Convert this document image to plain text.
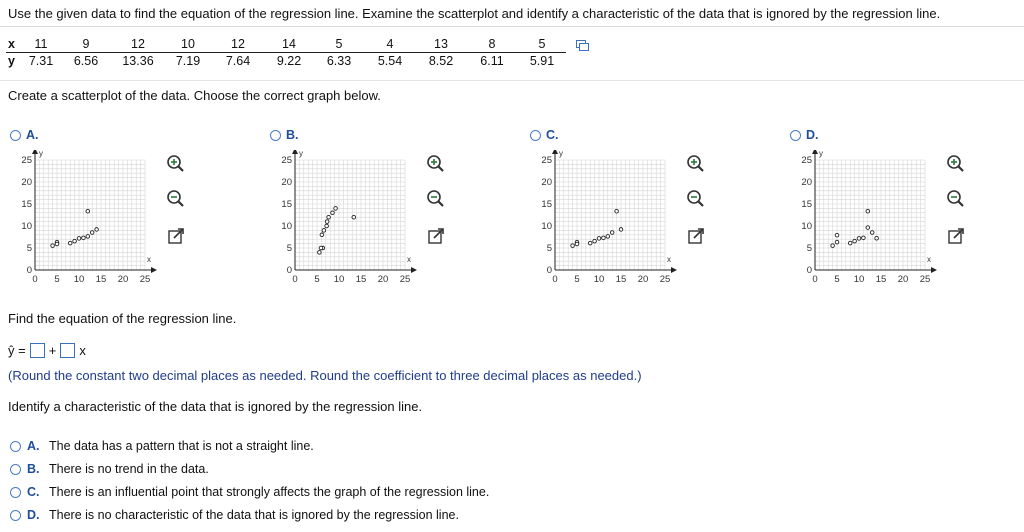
Use the given data to find the equation of the regression line. Examine the scatterplot and identify a characteristic of the data that is ignored by the regression line.
x	11	9	12	10	12	14	5	4	13	8	5
y	7.31	6.56	13.36	7.19	7.64	9.22	6.33	5.54	8.52	6.11	5.91
Create a scatterplot of the data. Choose the correct graph below.
A.	B.	C.	D.
0 5 10 15 20 25
0
5
10
15
20
25
x
y
0 5 10 15 20 25
0
5
10
15
20
25
x
y
0 5 10 15 20 25
0
5
10
15
20
25
x
y
0 5 10 15 20 25
0
5
10
15
20
25
x
y
Find the equation of the regression line.
ŷ = + x
(Round the constant two decimal places as needed. Round the coefficient to three decimal places as needed.)
Identify a characteristic of the data that is ignored by the regression line.
A. The data has a pattern that is not a straight line.
B. There is no trend in the data.
C. There is an influential point that strongly affects the graph of the regression line.
D. There is no characteristic of the data that is ignored by the regression line.
